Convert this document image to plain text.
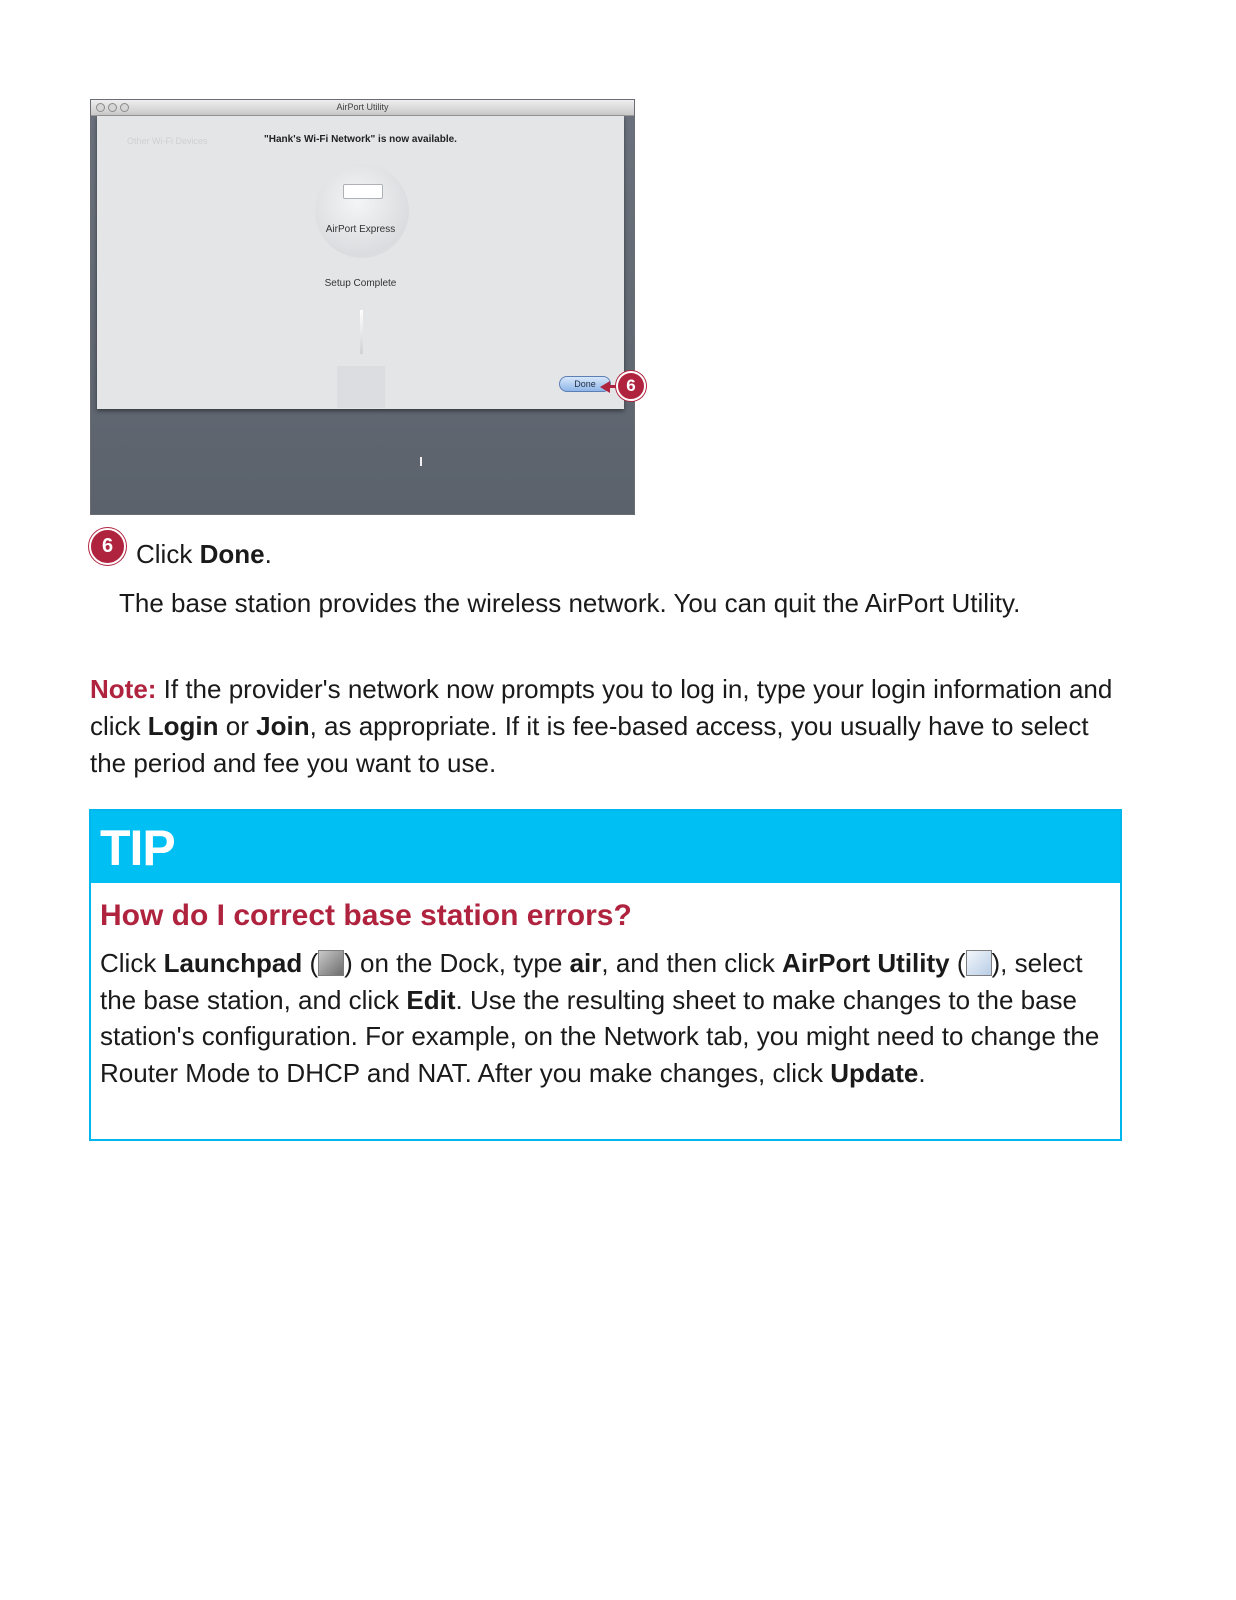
AirPort Utility
Other Wi-Fi Devices	"Hank's Wi-Fi Network" is now available.
AirPort Express
Setup Complete
Done	6
6 Click Done.
The base station provides the wireless network. You can quit the AirPort Utility.
Note: If the provider's network now prompts you to log in, type your login information and click Login or Join, as appropriate. If it is fee-based access, you usually have to select the period and fee you want to use.
TIP
How do I correct base station errors?
Click Launchpad ( ) on the Dock, type air, and then click AirPort Utility ( ), select the base station, and click Edit. Use the resulting sheet to make changes to the base station's configuration. For example, on the Network tab, you might need to change the Router Mode to DHCP and NAT. After you make changes, click Update.
